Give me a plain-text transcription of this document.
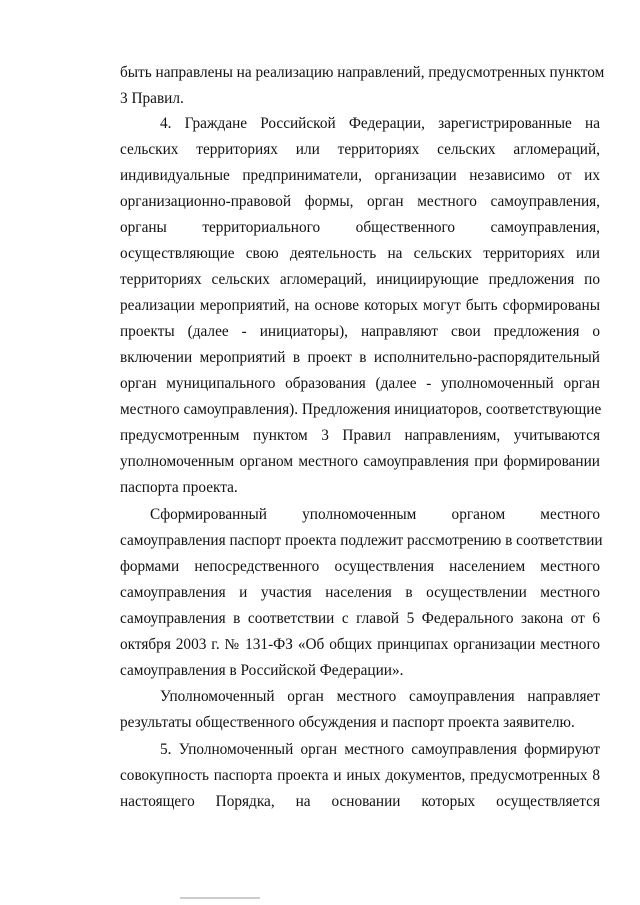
быть направлены на реализацию направлений, предусмотренных пунктом
3 Правил.
4. Граждане Российской Федерации, зарегистрированные на
сельских территориях или территориях сельских агломераций,
индивидуальные предприниматели, организации независимо от их
организационно-правовой формы, орган местного самоуправления,
органы территориального общественного самоуправления,
осуществляющие свою деятельность на сельских территориях или
территориях сельских агломераций, инициирующие предложения по
реализации мероприятий, на основе которых могут быть сформированы
проекты (далее - инициаторы), направляют свои предложения о
включении мероприятий в проект в исполнительно-распорядительный
орган муниципального образования (далее - уполномоченный орган
местного самоуправления). Предложения инициаторов, соответствующие
предусмотренным пунктом 3 Правил направлениям, учитываются
уполномоченным органом местного самоуправления при формировании
паспорта проекта.
Сформированный уполномоченным органом местного
самоуправления паспорт проекта подлежит рассмотрению в соответствии
формами непосредственного осуществления населением местного
самоуправления и участия населения в осуществлении местного
самоуправления в соответствии с главой 5 Федерального закона от 6
октября 2003 г. № 131-ФЗ «Об общих принципах организации местного
самоуправления в Российской Федерации».
Уполномоченный орган местного самоуправления направляет
результаты общественного обсуждения и паспорт проекта заявителю.
5. Уполномоченный орган местного самоуправления формируют
совокупность паспорта проекта и иных документов, предусмотренных 8
настоящего Порядка, на основании которых осуществляется
